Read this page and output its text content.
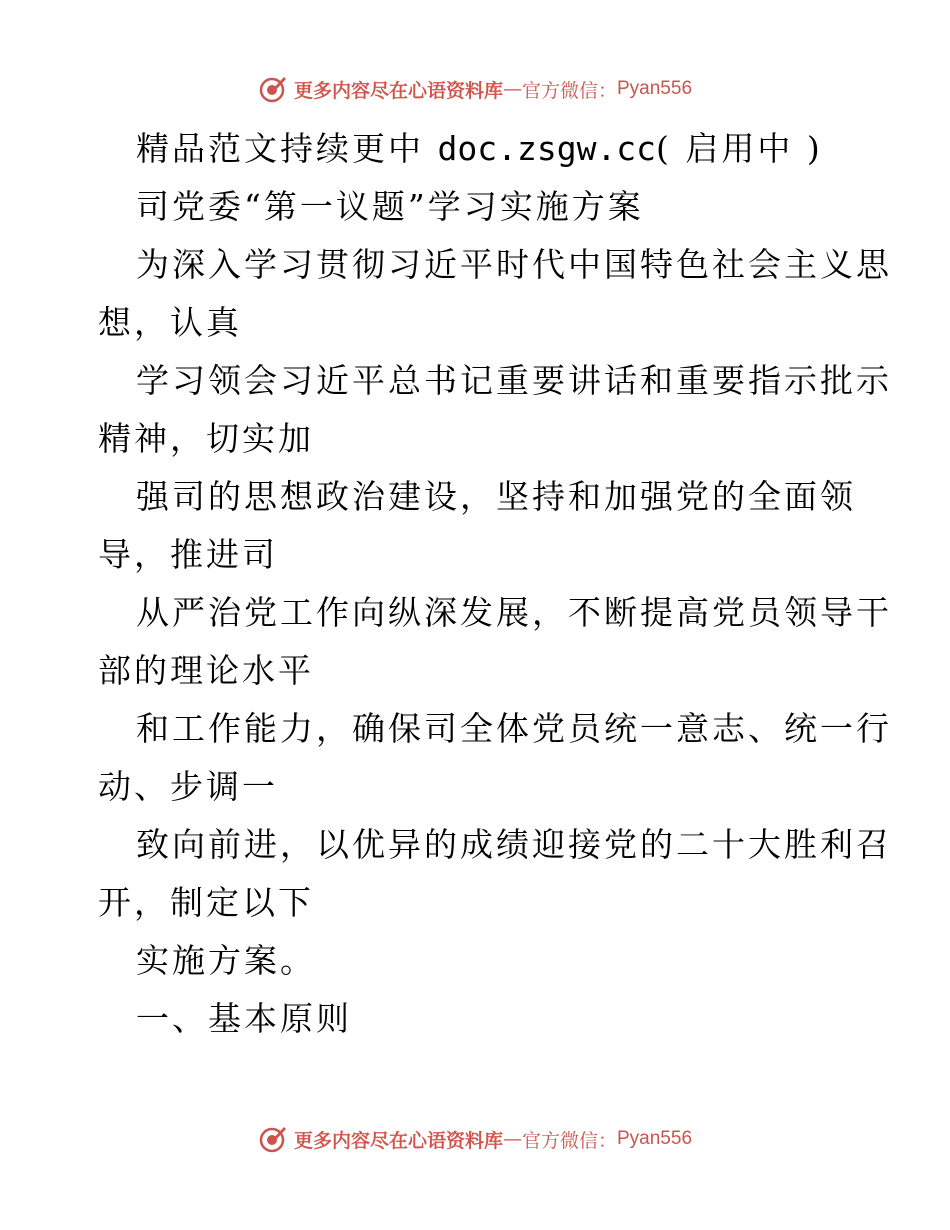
更多内容尽在心语资料库 — 官方微信： Pyan556
精品范文持续更中 doc.zsgw.cc( 启用中 )
司党委“第一议题”学习实施方案
为深入学习贯彻习近平时代中国特色社会主义思
想，认真
学习领会习近平总书记重要讲话和重要指示批示
精神，切实加
强司的思想政治建设，坚持和加强党的全面领
导，推进司
从严治党工作向纵深发展，不断提高党员领导干
部的理论水平
和工作能力，确保司全体党员统一意志、统一行
动、步调一
致向前进，以优异的成绩迎接党的二十大胜利召
开，制定以下
实施方案。
一、基本原则
更多内容尽在心语资料库 — 官方微信： Pyan556
